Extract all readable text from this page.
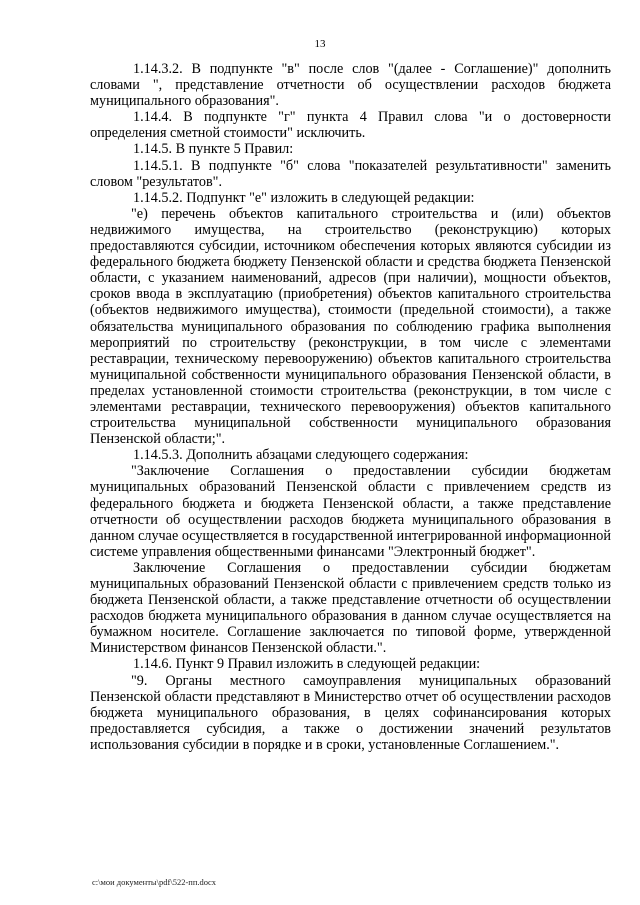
13

1.14.3.2. В подпункте "в" после слов "(далее - Соглашение)" дополнить словами ", представление отчетности об осуществлении расходов бюджета муниципального образования".

1.14.4. В подпункте "г" пункта 4 Правил слова "и о достоверности определения сметной стоимости" исключить.

1.14.5. В пункте 5 Правил:

1.14.5.1. В подпункте "б" слова "показателей результативности" заменить словом "результатов".

1.14.5.2. Подпункт "е" изложить в следующей редакции:

"е) перечень объектов капитального строительства и (или) объектов недвижимого имущества, на строительство (реконструкцию) которых предоставляются субсидии, источником обеспечения которых являются субсидии из федерального бюджета бюджету Пензенской области и средства бюджета Пензенской области, с указанием наименований, адресов (при наличии), мощности объектов, сроков ввода в эксплуатацию (приобретения) объектов капитального строительства (объектов недвижимого имущества), стоимости (предельной стоимости), а также обязательства муниципального образования по соблюдению графика выполнения мероприятий по строительству (реконструкции, в том числе с элементами реставрации, техническому перевооружению) объектов капитального строительства муниципальной собственности муниципального образования Пензенской области, в пределах установленной стоимости строительства (реконструкции, в том числе с элементами реставрации, технического перевооружения) объектов капитального строительства муниципальной собственности муниципального образования Пензенской области;".

1.14.5.3. Дополнить абзацами следующего содержания:

"Заключение Соглашения о предоставлении субсидии бюджетам муниципальных образований Пензенской области с привлечением средств из федерального бюджета и бюджета Пензенской области, а также представление отчетности об осуществлении расходов бюджета муниципального образования в данном случае осуществляется в государственной интегрированной информационной системе управления общественными финансами "Электронный бюджет".

Заключение Соглашения о предоставлении субсидии бюджетам муниципальных образований Пензенской области с привлечением средств только из бюджета Пензенской области, а также представление отчетности об осуществлении расходов бюджета муниципального образования в данном случае осуществляется на бумажном носителе. Соглашение заключается по типовой форме, утвержденной Министерством финансов Пензенской области.".

1.14.6. Пункт 9 Правил изложить в следующей редакции:

"9. Органы местного самоуправления муниципальных образований Пензенской области представляют в Министерство отчет об осуществлении расходов бюджета муниципального образования, в целях софинансирования которых предоставляется субсидия, а также о достижении значений результатов использования субсидии в порядке и в сроки, установленные Соглашением.".

c:\мои документы\pdf\522-пп.docx
